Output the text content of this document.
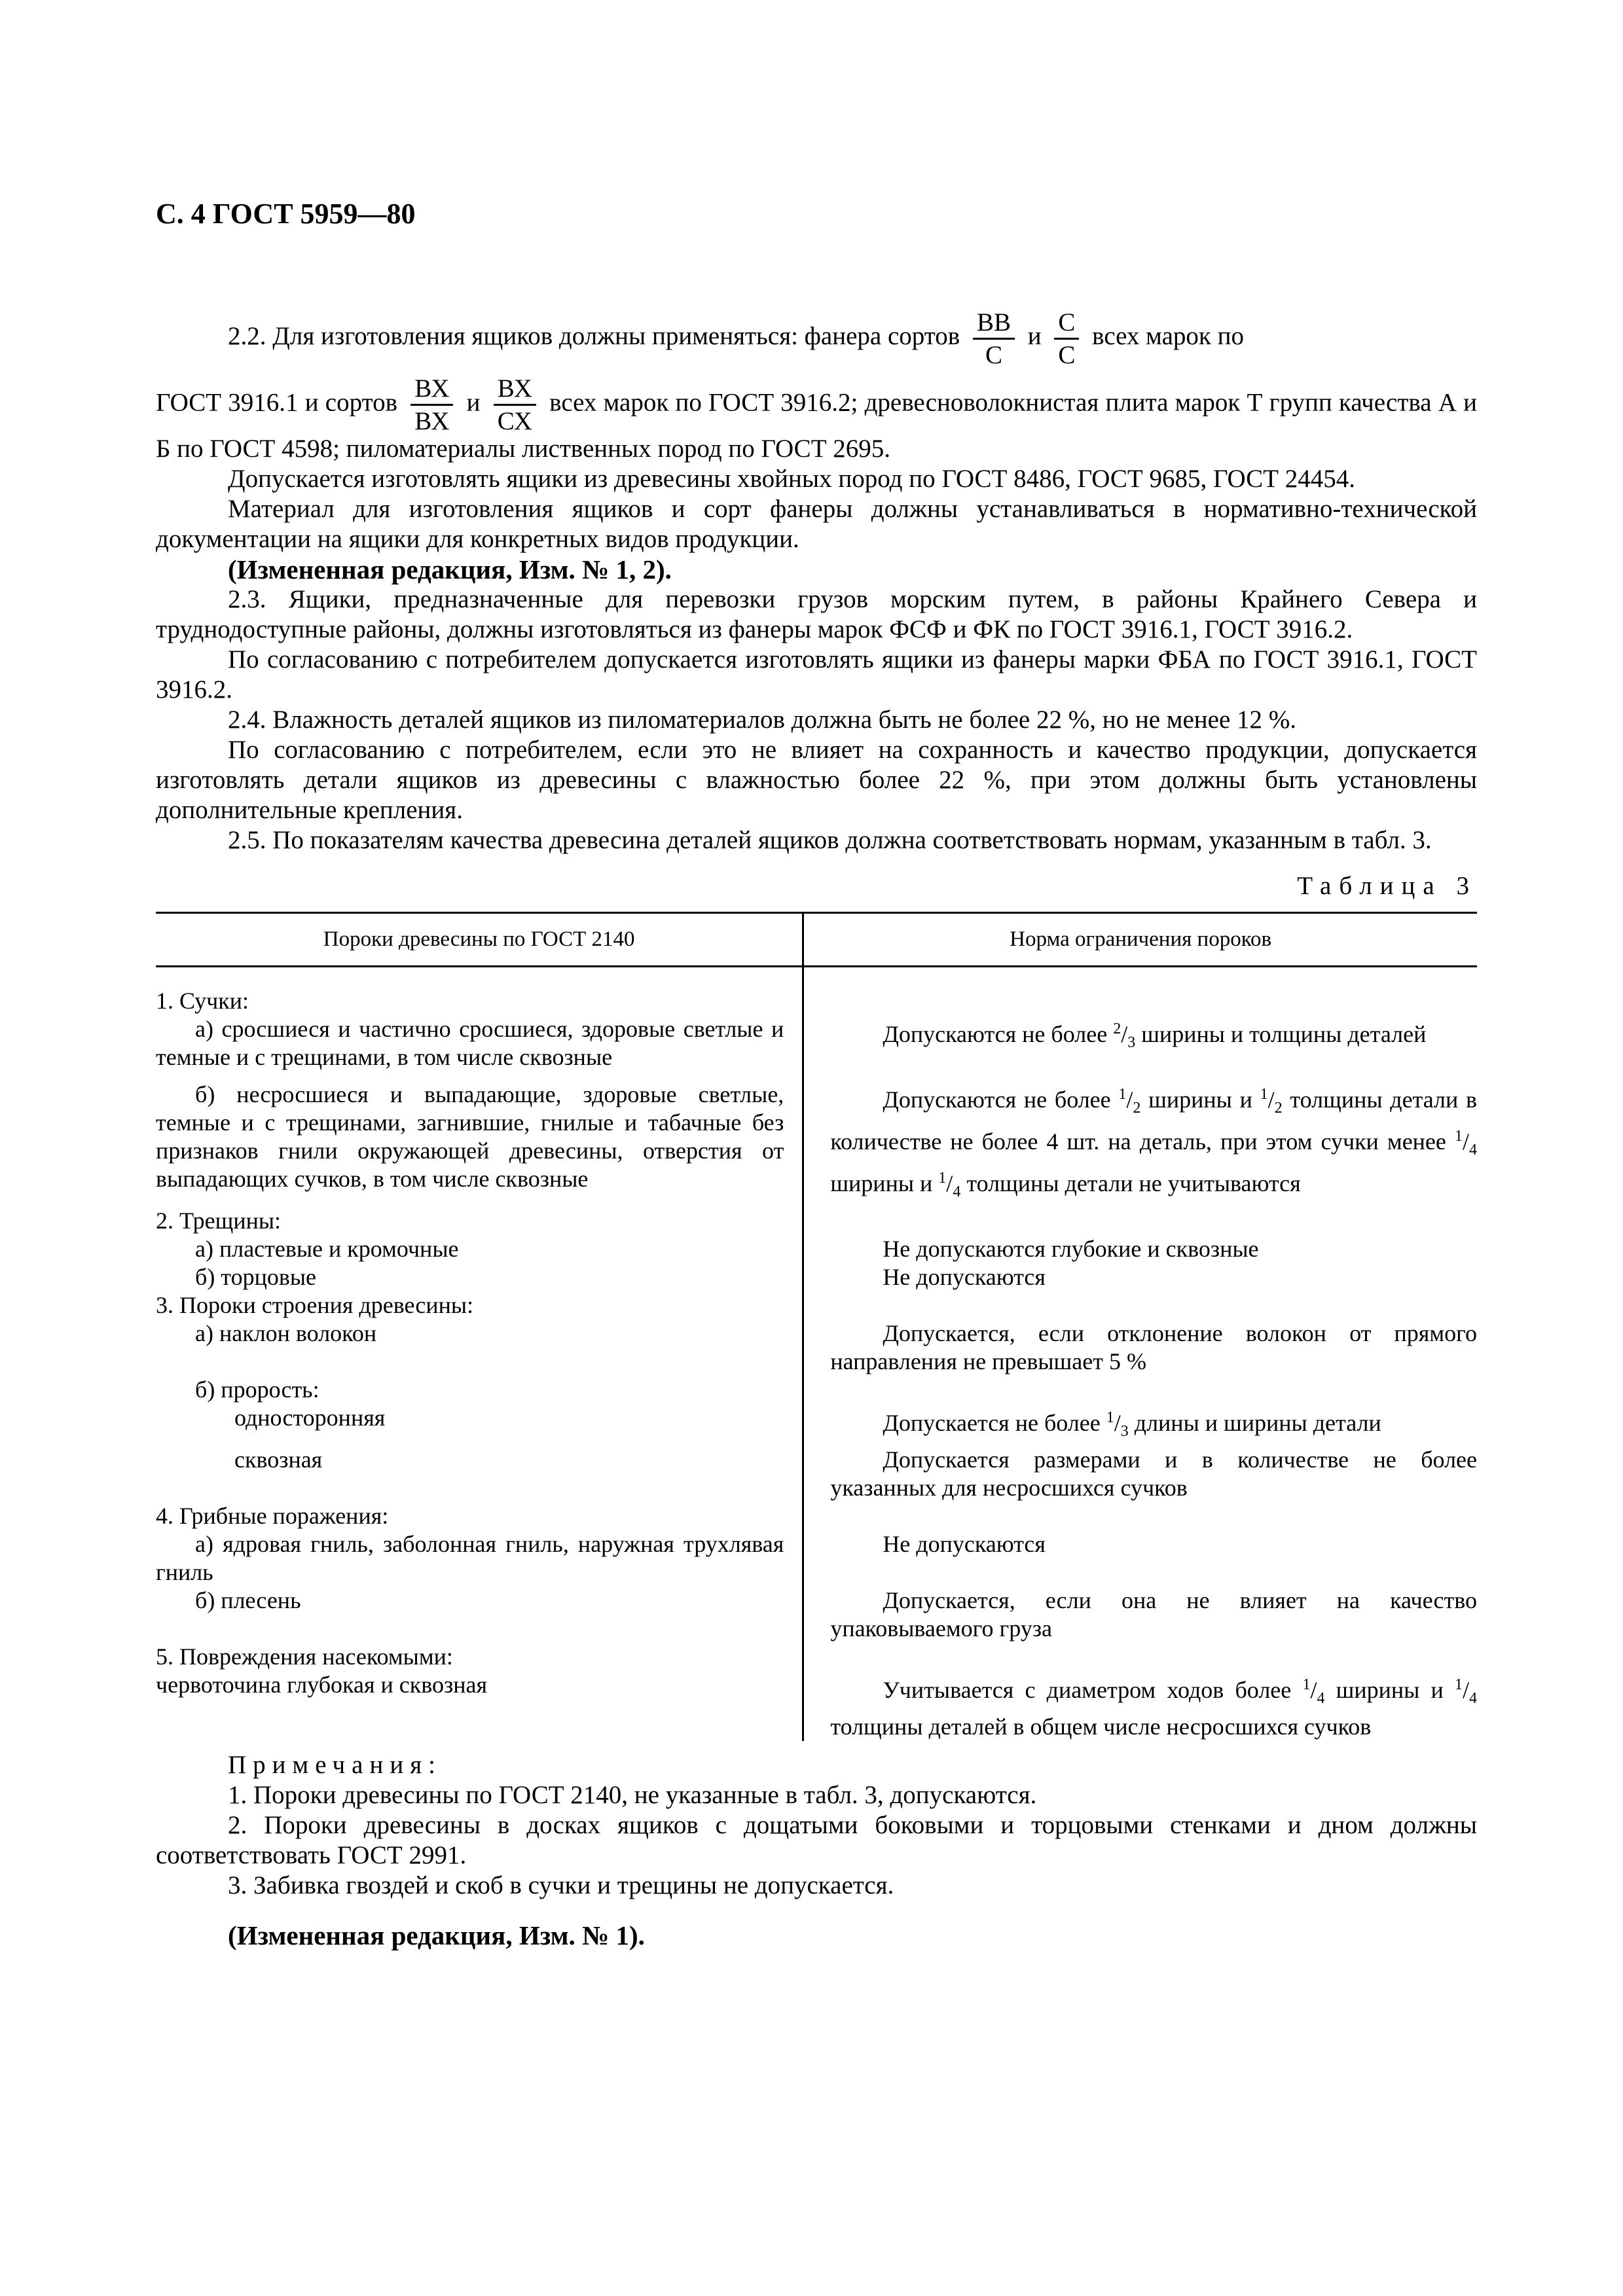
С. 4 ГОСТ 5959—80

2.2. Для изготовления ящиков должны применяться: фанера сортов ВВ
С
и С
С
всех марок по

ГОСТ 3916.1 и сортов ВХ
ВХ
и ВХ
СХ
всех марок по ГОСТ 3916.2; древесноволокнистая плита марок Т групп качества А и Б по ГОСТ 4598; пиломатериалы лиственных пород по ГОСТ 2695.

Допускается изготовлять ящики из древесины хвойных пород по ГОСТ 8486, ГОСТ 9685, ГОСТ 24454.

Материал для изготовления ящиков и сорт фанеры должны устанавливаться в нормативно-технической документации на ящики для конкретных видов продукции.

(Измененная редакция, Изм. № 1, 2).

2.3. Ящики, предназначенные для перевозки грузов морским путем, в районы Крайнего Севера и труднодоступные районы, должны изготовляться из фанеры марок ФСФ и ФК по ГОСТ 3916.1, ГОСТ 3916.2.

По согласованию с потребителем допускается изготовлять ящики из фанеры марки ФБА по ГОСТ 3916.1, ГОСТ 3916.2.

2.4. Влажность деталей ящиков из пиломатериалов должна быть не более 22 %, но не менее 12 %.

По согласованию с потребителем, если это не влияет на сохранность и качество продукции, допускается изготовлять детали ящиков из древесины с влажностью более 22 %, при этом должны быть установлены дополнительные крепления.

2.5. По показателям качества древесина деталей ящиков должна соответствовать нормам, указанным в табл. 3.

Таблица 3
Пороки древесины по ГОСТ 2140	Норма ограничения пороков

1. Сучки:	

а) сросшиеся и частично сросшиеся, здоровые светлые и темные и с трещинами, в том числе сквозные	Допускаются не более $^2/_3$ ширины и толщины деталей

б) несросшиеся и выпадающие, здоровые светлые, темные и с трещинами, загнившие, гнилые и табачные без признаков гнили окружающей древесины, отверстия от выпадающих сучков, в том числе сквозные	Допускаются не более $^1/_2$ ширины и $^1/_2$ толщины детали в количестве не более 4 шт. на деталь, при этом сучки менее $^1/_4$ ширины и $^1/_4$ толщины детали не учитываются

2. Трещины:	

а) пластевые и кромочные	Не допускаются глубокие и сквозные

б) торцовые	Не допускаются

3. Пороки строения древесины:	

а) наклон волокон	Допускается, если отклонение волокон от прямого направления не превышает 5 %

б) прорость:	

односторонняя	Допускается не более $^1/_3$ длины и ширины детали

сквозная	Допускается размерами и в количестве не более указанных для несросшихся сучков

4. Грибные поражения:	

а) ядровая гниль, заболонная гниль, наружная трухлявая гниль	Не допускаются

б) плесень	Допускается, если она не влияет на качество упаковываемого груза

5. Повреждения насекомыми:	

червоточина глубокая и сквозная	Учитывается с диаметром ходов более $^1/_4$ ширины и $^1/_4$ толщины деталей в общем числе несросшихся сучков

Примечания:

1. Пороки древесины по ГОСТ 2140, не указанные в табл. 3, допускаются.

2. Пороки древесины в досках ящиков с дощатыми боковыми и торцовыми стенками и дном должны соответствовать ГОСТ 2991.

3. Забивка гвоздей и скоб в сучки и трещины не допускается.

(Измененная редакция, Изм. № 1).
